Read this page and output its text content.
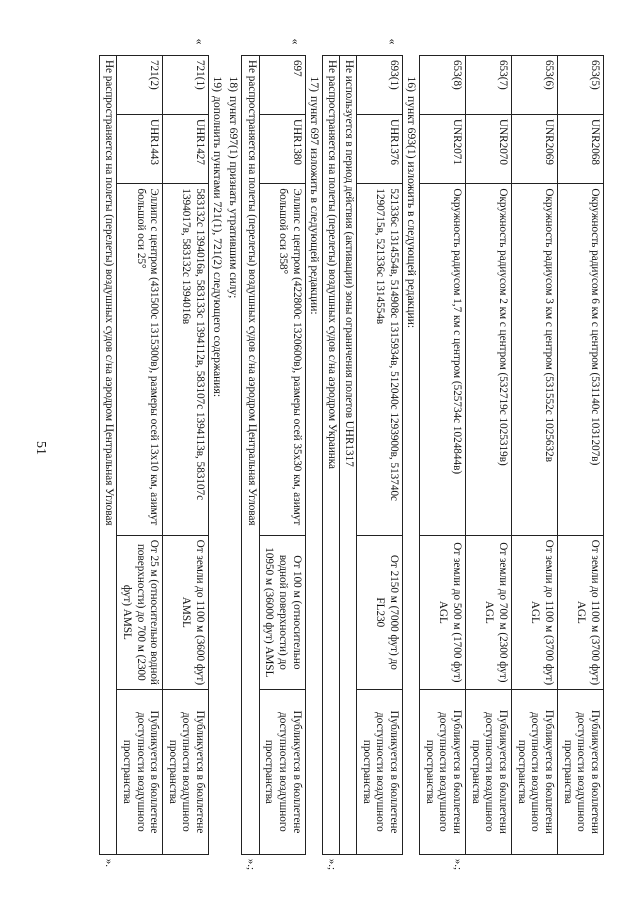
51
	653(5)	UNR2068	Окружность радиусом 6 км с центром (531140с 1031207в)	От земли до 1100 м (3700 фут) AGL	Публикуется в бюллетени доступности воздушного пространства	
	653(6)	UNR2069	Окружность радиусом 3 км с центром (531552с 1025632в	От земли до 1100 м (3700 фут) AGL	Публикуется в бюллетени доступности воздушного пространства	
	653(7)	UNR2070	Окружность радиусом 2 км с центром (532719с 1025319в)	От земли до 700 м (2300 фут) AGL	Публикуется в бюллетени доступности воздушного пространства	
	653(8)	UNR2071	Окружность радиусом 1,7 км с центром (525734с 1024844в)	От земли до 500 м (1700 фут) AGL	Публикуется в бюллетени доступности воздушного пространства	».;
16)пункт 693(1) изложить в следующей редакции:
«	693(1)	UHR1376	521336с 1314554в, 514908с 1315934в, 512040с 1293900в, 513740с 1290715в, 521336с 1314554в	От 2150 м (7000 фут) до FL230	Публикуется в бюллетене доступности воздушного пространства	
	Не используется в период действия (активации) зоны ограничения полетов UHR1317					
	Не распространяется на полеты (перелеты) воздушных судов с/на аэродром Украинка					».;
17)пункт 697 изложить в следующей редакции:
«	697	UHR1380	Эллипс с центром (422800с 1320600в), размеры осей 35х30 км, азимут большой оси 358°	От 100 м (относительно водной поверхности) до 10950 м (36000 фут) AMSL	Публикуется в бюллетене доступности воздушного пространства	
	Не распространяется на полеты (перелеты) воздушных судов с/на аэродром Центральная Угловая					».;
18)пункт 697(1) признать утратившим силу;
19)дополнить пунктами 721(1), 721(2) следующего содержания:
«	721(1)	UHR1427	583132с 1394016в, 583133с 1394112в, 583107с 1394113в, 583107с 1394017в, 583132с 1394016в	От земли до 1100 м (3600 фут) AMSL	Публикуется в бюллетене доступности воздушного пространства	
	721(2)	UHR1443	Эллипс с центром (431500с 1315300в), размеры осей 13х10 км, азимут большой оси 25°	От 25 м (относительно водной поверхности) до 700 м (2300 фут) AMSL	Публикуется в бюллетене доступности воздушного пространства	
	Не распространяется на полеты (перелеты) воздушных судов с/на аэродром Центральная Угловая					».
